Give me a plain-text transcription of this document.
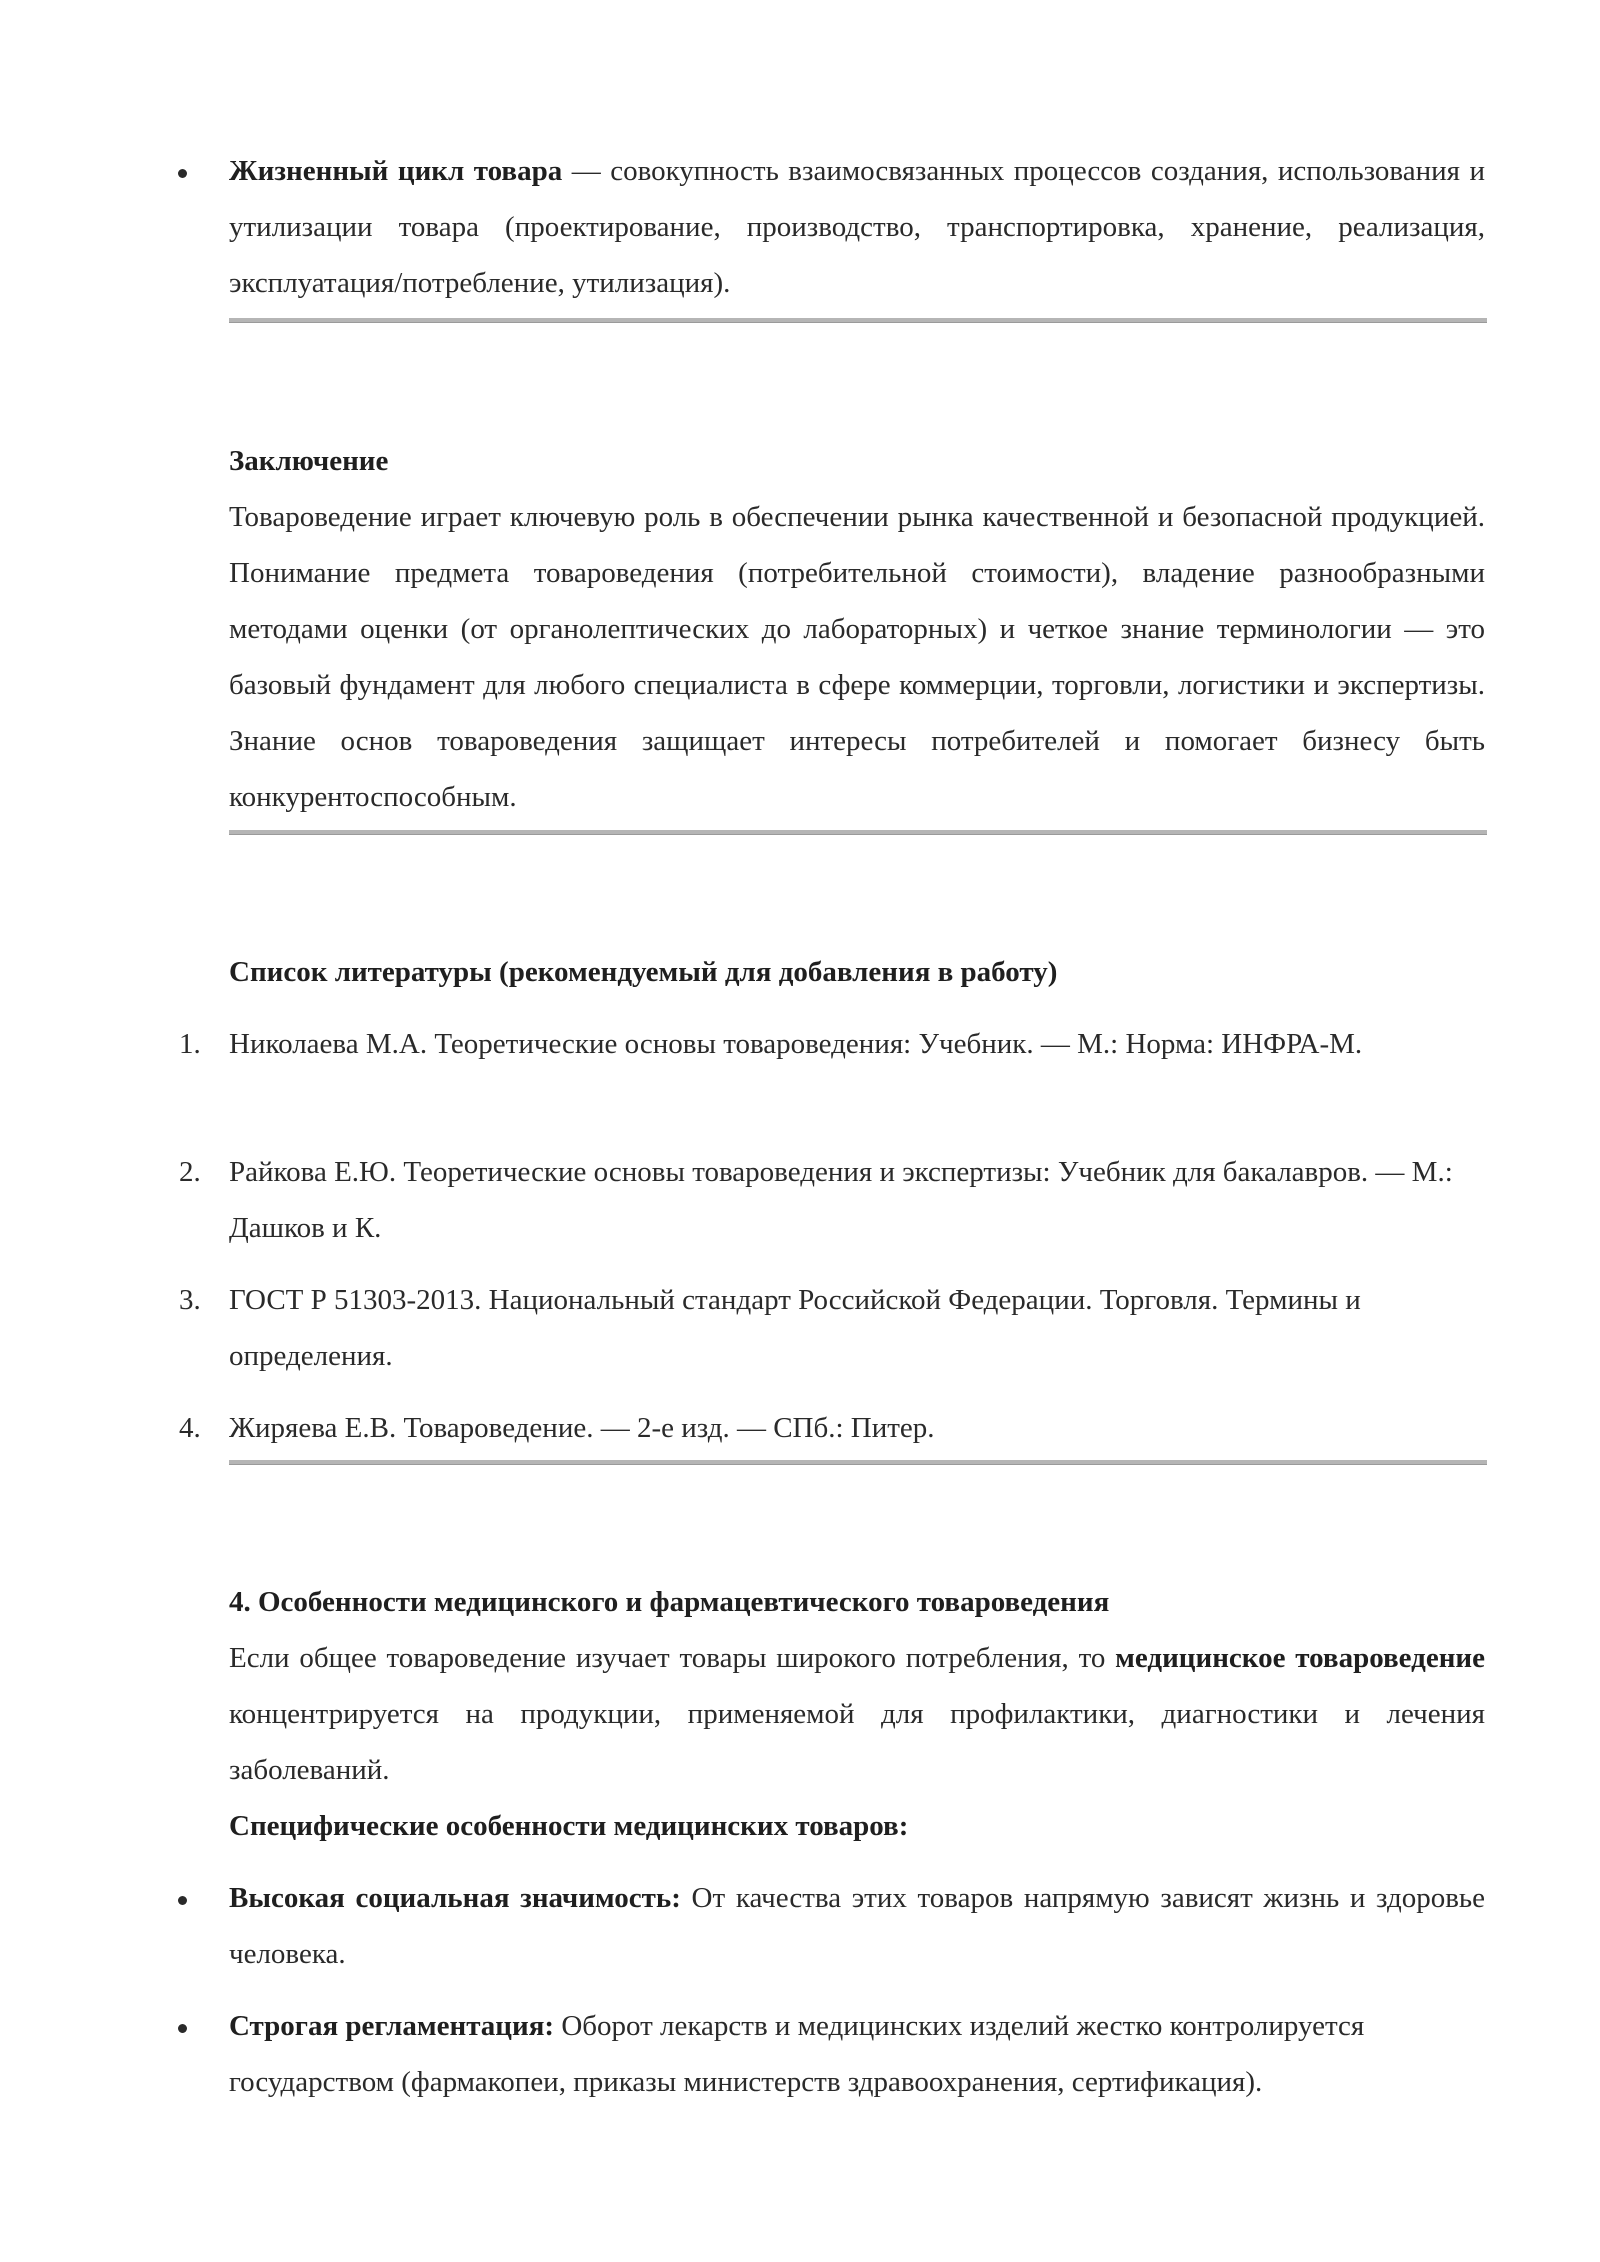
Жизненный цикл товара — совокупность взаимосвязанных процессов создания, использования и утилизации товара (проектирование, производство, транспортировка, хранение, реализация, эксплуатация/потребление, утилизация).
Заключение
Товароведение играет ключевую роль в обеспечении рынка качественной и безопасной продукцией. Понимание предмета товароведения (потребительной стоимости), владение разнообразными методами оценки (от органолептических до лабораторных) и четкое знание терминологии — это базовый фундамент для любого специалиста в сфере коммерции, торговли, логистики и экспертизы. Знание основ товароведения защищает интересы потребителей и помогает бизнесу быть конкурентоспособным.
Список литературы (рекомендуемый для добавления в работу)
1. Николаева М.А. Теоретические основы товароведения: Учебник. — М.: Норма: ИНФРА-М.
2. Райкова Е.Ю. Теоретические основы товароведения и экспертизы: Учебник для бакалавров. — М.: Дашков и К.
3. ГОСТ Р 51303-2013. Национальный стандарт Российской Федерации. Торговля. Термины и определения.
4. Жиряева Е.В. Товароведение. — 2-е изд. — СПб.: Питер.
4. Особенности медицинского и фармацевтического товароведения
Если общее товароведение изучает товары широкого потребления, то медицинское товароведение концентрируется на продукции, применяемой для профилактики, диагностики и лечения заболеваний.
Специфические особенности медицинских товаров:
Высокая социальная значимость: От качества этих товаров напрямую зависят жизнь и здоровье человека.
Строгая регламентация: Оборот лекарств и медицинских изделий жестко контролируется государством (фармакопеи, приказы министерств здравоохранения, сертификация).
